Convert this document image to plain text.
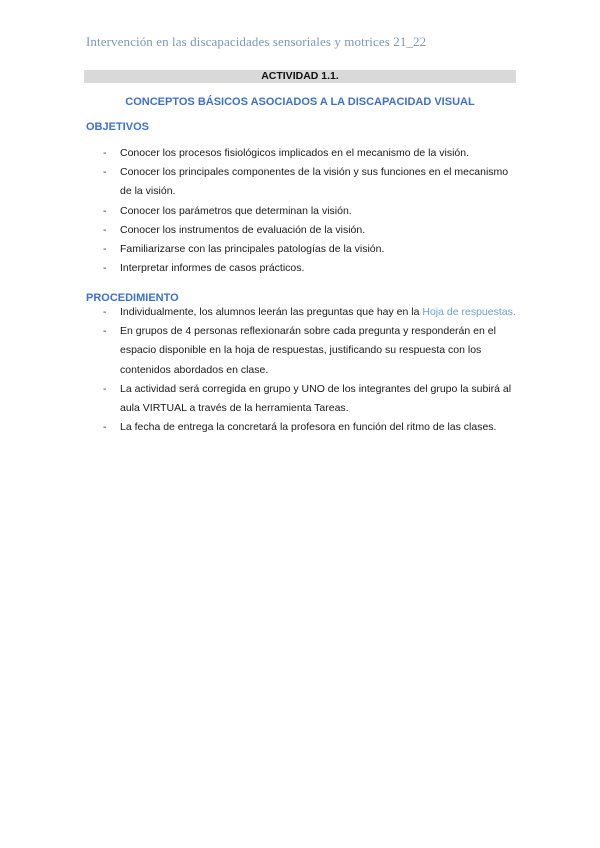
Intervención en las discapacidades sensoriales y motrices 21_22
ACTIVIDAD 1.1.
CONCEPTOS BÁSICOS ASOCIADOS A LA DISCAPACIDAD VISUAL
OBJETIVOS
- Conocer los procesos fisiológicos implicados en el mecanismo de la visión.
- Conocer los principales componentes de la visión y sus funciones en el mecanismo de la visión.
- Conocer los parámetros que determinan la visión.
- Conocer los instrumentos de evaluación de la visión.
- Familiarizarse con las principales patologías de la visión.
- Interpretar informes de casos prácticos.
PROCEDIMIENTO
- Individualmente, los alumnos leerán las preguntas que hay en la Hoja de respuestas.
- En grupos de 4 personas reflexionarán sobre cada pregunta y responderán en el espacio disponible en la hoja de respuestas, justificando su respuesta con los contenidos abordados en clase.
- La actividad será corregida en grupo y UNO de los integrantes del grupo la subirá al aula VIRTUAL a través de la herramienta Tareas.
- La fecha de entrega la concretará la profesora en función del ritmo de las clases.
